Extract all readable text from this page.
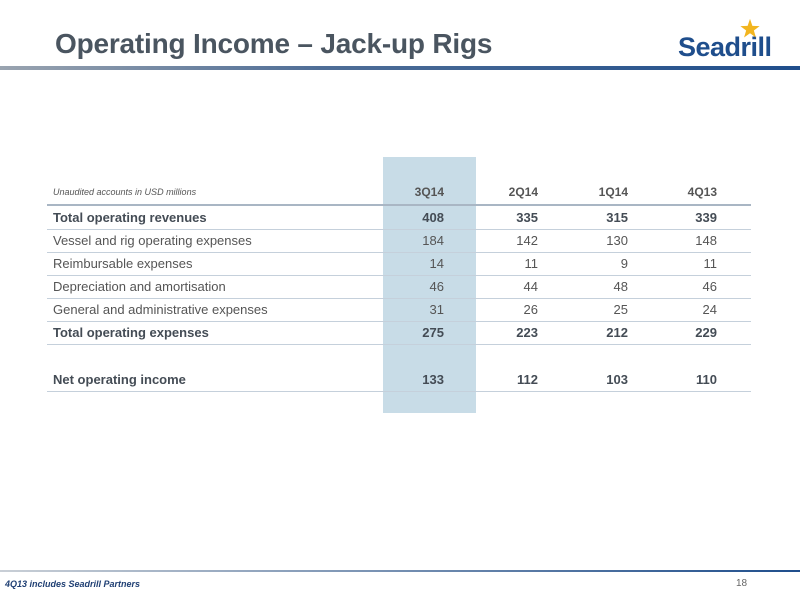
Operating Income – Jack-up Rigs	Seadrill
Unaudited accounts in USD millions	3Q14	2Q14	1Q14	4Q13
Total operating revenues	408	335	315	339
Vessel and rig operating expenses	184	142	130	148
Reimbursable expenses	14	11	9	11
Depreciation and amortisation	46	44	48	46
General and administrative expenses	31	26	25	24
Total operating expenses	275	223	212	229
Net operating income	133	112	103	110
4Q13 includes Seadrill Partners	18
